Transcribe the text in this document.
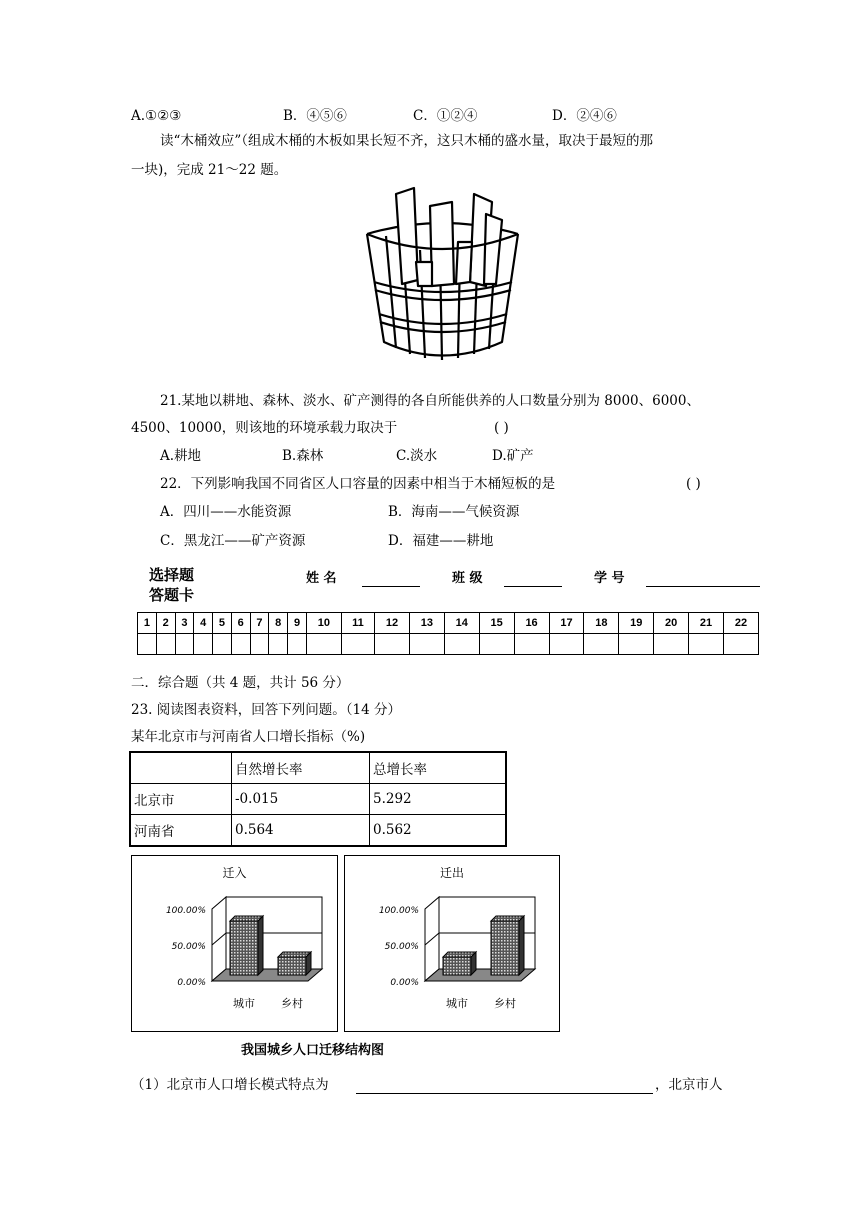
A.①②③	B．④⑤⑥	C．①②④	D．②④⑥
读“木桶效应”（组成木桶的木板如果长短不齐，这只木桶的盛水量，取决于最短的那
一块)，完成 21～22 题。
21.某地以耕地、森林、淡水、矿产测得的各自所能供养的人口数量分别为 8000、6000、
4500、10000，则该地的环境承载力取决于	( )
A.耕地	B.森林	C.淡水	D.矿产
22．下列影响我国不同省区人口容量的因素中相当于木桶短板的是	( )
A．四川——水能资源	B．海南——气候资源
C．黑龙江——矿产资源	D．福建——耕地
选择题
答题卡
姓 名	班 级	学 号
1	2	3	4	5	6	7	8	9	10	11	12	13	14	15	16	17	18	19	20	21	22

二．综合题（共 4 题，共计 56 分）
23. 阅读图表资料，回答下列问题。（14 分）
某年北京市与河南省人口增长指标（%)
	自然增长率	总增长率
北京市	-0.015	5.292
河南省	0.564	0.562
迁入
100.00%
50.00%
0.00%
城市 乡村
迁出
100.00%
50.00%
0.00%
城市 乡村
我国城乡人口迁移结构图
（1）北京市人口增长模式特点为	，北京市人
